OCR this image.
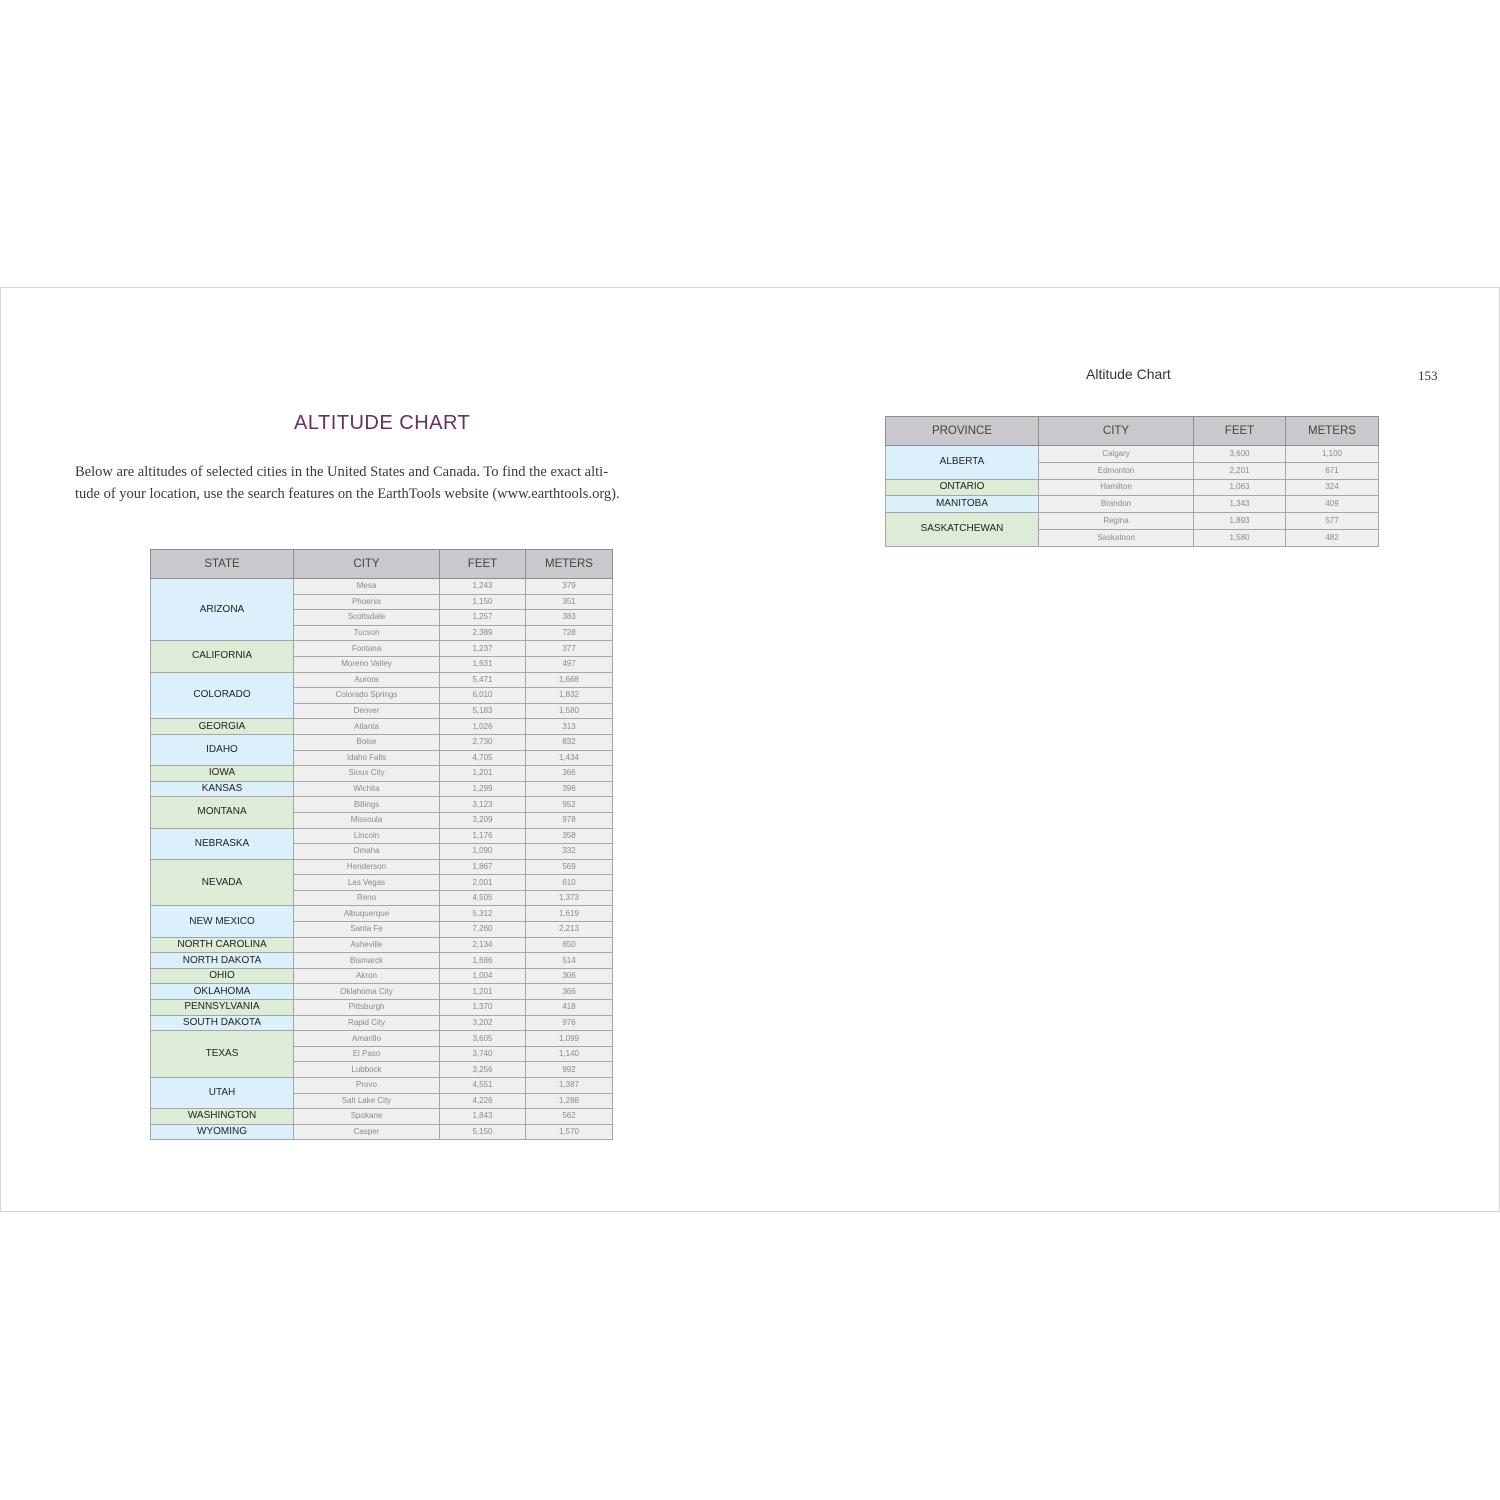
Altitude Chart	153
ALTITUDE CHART
Below are altitudes of selected cities in the United States and Canada. To find the exact alti-
tude of your location, use the search features on the EarthTools website (www.earthtools.org).
STATE	CITY	FEET	METERS
ARIZONA	Mesa	1,243	379
	Phoenix	1,150	351
	Scottsdale	1,257	383
	Tucson	2,389	728
CALIFORNIA	Fontana	1,237	377
	Moreno Valley	1,631	497
COLORADO	Aurora	5,471	1,668
	Colorado Springs	6,010	1,832
	Denver	5,183	1,580
GEORGIA	Atlanta	1,026	313
IDAHO	Boise	2,730	832
	Idaho Falls	4,705	1,434
IOWA	Sioux City	1,201	366
KANSAS	Wichita	1,299	396
MONTANA	Billings	3,123	952
	Missoula	3,209	978
NEBRASKA	Lincoln	1,176	358
	Omaha	1,090	332
NEVADA	Henderson	1,867	569
	Las Vegas	2,001	610
	Reno	4,505	1,373
NEW MEXICO	Albuquerque	5,312	1,619
	Santa Fe	7,260	2,213
NORTH CAROLINA	Asheville	2,134	650
NORTH DAKOTA	Bismarck	1,686	514
OHIO	Akron	1,004	306
OKLAHOMA	Oklahoma City	1,201	366
PENNSYLVANIA	Pittsburgh	1,370	418
SOUTH DAKOTA	Rapid City	3,202	976
TEXAS	Amarillo	3,605	1,099
	El Paso	3,740	1,140
	Lubbock	3,256	992
UTAH	Provo	4,551	1,387
	Salt Lake City	4,226	1,288
WASHINGTON	Spokane	1,843	562
WYOMING	Casper	5,150	1,570
PROVINCE	CITY	FEET	METERS
ALBERTA	Calgary	3,600	1,100
	Edmonton	2,201	671
ONTARIO	Hamilton	1,063	324
MANITOBA	Brandon	1,343	409
SASKATCHEWAN	Regina	1,893	577
	Saskatoon	1,580	482
